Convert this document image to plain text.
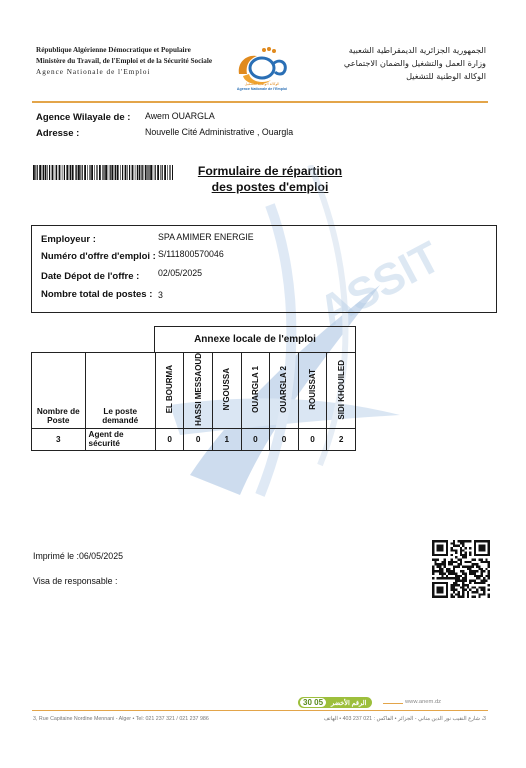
République Algérienne Démocratique et Populaire
Ministère du Travail, de l'Emploi et de la Sécurité Sociale
Agence Nationale de l'Emploi
الوكالة الوطنية للتشغيل
Agence Nationale de l'Emploi
الجمهورية الجزائرية الديمقراطية الشعبية
وزارة العمل والتشغيل والضمان الاجتماعي
الوكالة الوطنية للتشغيل
Agence Wilayale de : Awem OUARGLA
Adresse :	Nouvelle Cité Administrative , Ouargla
Formulaire de répartition
des postes d'emploi
ASSIT
Employeur :	SPA AMIMER ENERGIE
Numéro d'offre d'emploi : S/111800570046
Date Dépot de l'offre : 02/05/2025
Nombre total de postes : 3
Annexe locale de l'emploi
Nombre de Poste	Le poste demandé	EL BOURMA	HASSI MESSAOUD	N'GOUSSA	OUARGLA 1	OUARGLA 2	ROUISSAT	SIDI KHOUILED
3	Agent de sécurité	0	0	1	0	0	0	2
Imprimé le :06/05/2025
Visa de responsable :
30 05	الرقم الأخضر	www.anem.dz
3, Rue Capitaine Nordine Mennani - Alger • Tel: 021 237 321 / 021 237 986	3، شارع النقيب نور الدين مناني - الجزائر • الفاكس : 021 237 403 • الهاتف
